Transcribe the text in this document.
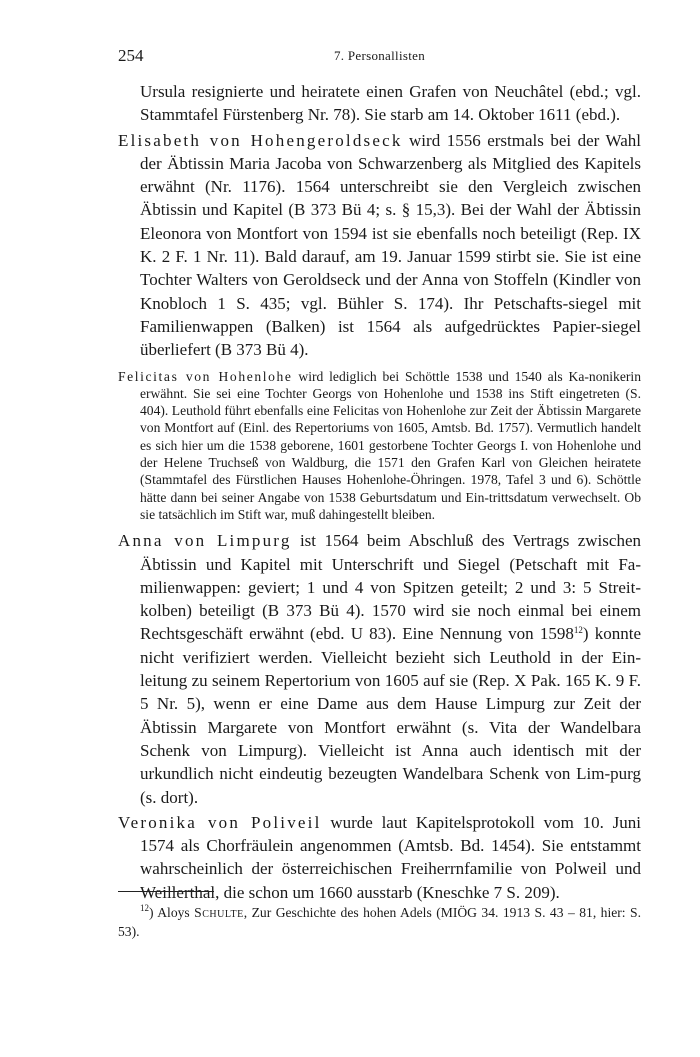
254	7. Personallisten

Ursula resignierte und heiratete einen Grafen von Neuchâtel (ebd.; vgl. Stammtafel Fürstenberg Nr. 78). Sie starb am 14. Oktober 1611 (ebd.).

Elisabeth von Hohengeroldseck wird 1556 erstmals bei der Wahl der Äbtissin Maria Jacoba von Schwarzenberg als Mitglied des Kapitels erwähnt (Nr. 1176). 1564 unterschreibt sie den Vergleich zwischen Äbtissin und Kapitel (B 373 Bü 4; s. § 15,3). Bei der Wahl der Äbtissin Eleonora von Montfort von 1594 ist sie ebenfalls noch beteiligt (Rep. IX K. 2 F. 1 Nr. 11). Bald darauf, am 19. Januar 1599 stirbt sie. Sie ist eine Tochter Walters von Geroldseck und der Anna von Stoffeln (Kindler von Knobloch 1 S. 435; vgl. Bühler S. 174). Ihr Petschafts-siegel mit Familienwappen (Balken) ist 1564 als aufgedrücktes Papier-siegel überliefert (B 373 Bü 4).

Felicitas von Hohenlohe wird lediglich bei Schöttle 1538 und 1540 als Ka-nonikerin erwähnt. Sie sei eine Tochter Georgs von Hohenlohe und 1538 ins Stift eingetreten (S. 404). Leuthold führt ebenfalls eine Felicitas von Hohenlohe zur Zeit der Äbtissin Margarete von Montfort auf (Einl. des Repertoriums von 1605, Amtsb. Bd. 1757). Vermutlich handelt es sich hier um die 1538 geborene, 1601 gestorbene Tochter Georgs I. von Hohenlohe und der Helene Truchseß von Waldburg, die 1571 den Grafen Karl von Gleichen heiratete (Stammtafel des Fürstlichen Hauses Hohenlohe-Öhringen. 1978, Tafel 3 und 6). Schöttle hätte dann bei seiner Angabe von 1538 Geburtsdatum und Ein-trittsdatum verwechselt. Ob sie tatsächlich im Stift war, muß dahingestellt bleiben.

Anna von Limpurg ist 1564 beim Abschluß des Vertrags zwischen Äbtissin und Kapitel mit Unterschrift und Siegel (Petschaft mit Fa-milienwappen: geviert; 1 und 4 von Spitzen geteilt; 2 und 3: 5 Streit-kolben) beteiligt (B 373 Bü 4). 1570 wird sie noch einmal bei einem Rechtsgeschäft erwähnt (ebd. U 83). Eine Nennung von 1598$^{12}$) konnte nicht verifiziert werden. Vielleicht bezieht sich Leuthold in der Ein-leitung zu seinem Repertorium von 1605 auf sie (Rep. X Pak. 165 K. 9 F. 5 Nr. 5), wenn er eine Dame aus dem Hause Limpurg zur Zeit der Äbtissin Margarete von Montfort erwähnt (s. Vita der Wandelbara Schenk von Limpurg). Vielleicht ist Anna auch identisch mit der urkundlich nicht eindeutig bezeugten Wandelbara Schenk von Lim-purg (s. dort).

Veronika von Poliveil wurde laut Kapitelsprotokoll vom 10. Juni 1574 als Chorfräulein angenommen (Amtsb. Bd. 1454). Sie entstammt wahrscheinlich der österreichischen Freiherrnfamilie von Polweil und Weillerthal, die schon um 1660 ausstarb (Kneschke 7 S. 209).

$^{12}$) Aloys Schulte, Zur Geschichte des hohen Adels (MIÖG 34. 1913 S. 43 – 81, hier: S. 53).
